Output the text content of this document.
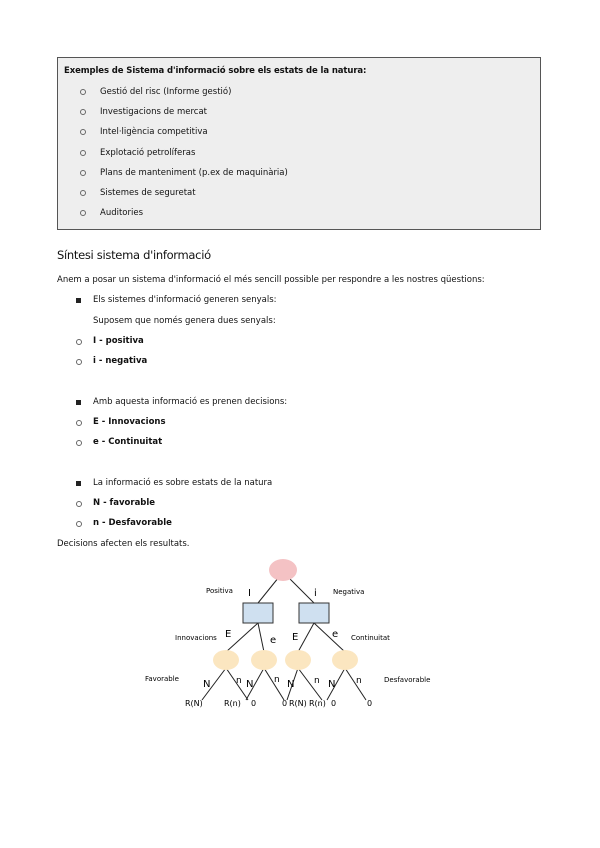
Exemples de Sistema d'informació sobre els estats de la natura:
Gestió del risc (Informe gestió)
Investigacions de mercat
Intel·ligència competitiva
Explotació petrolíferas
Plans de manteniment (p.ex de maquinària)
Sistemes de seguretat
Auditories
Síntesi sistema d'informació
Anem a posar un sistema d'informació el més sencill possible per respondre a les nostres qüestions:
Els sistemes d'informació generen senyals:
Suposem que només genera dues senyals:
I - positiva
i - negativa
Amb aquesta informació es prenen decisions:
E - Innovacions
e - Continuitat
La informació es sobre estats de la natura
N - favorable
n - Desfavorable
Decisions afecten els resultats.
Positiva I	i Negativa
Innovacions E
e E	e Continuitat
Favorable N	n N n N n N n	Desfavorable
R(N)	R(n) 0	0 R(N) R(n) 0	0
